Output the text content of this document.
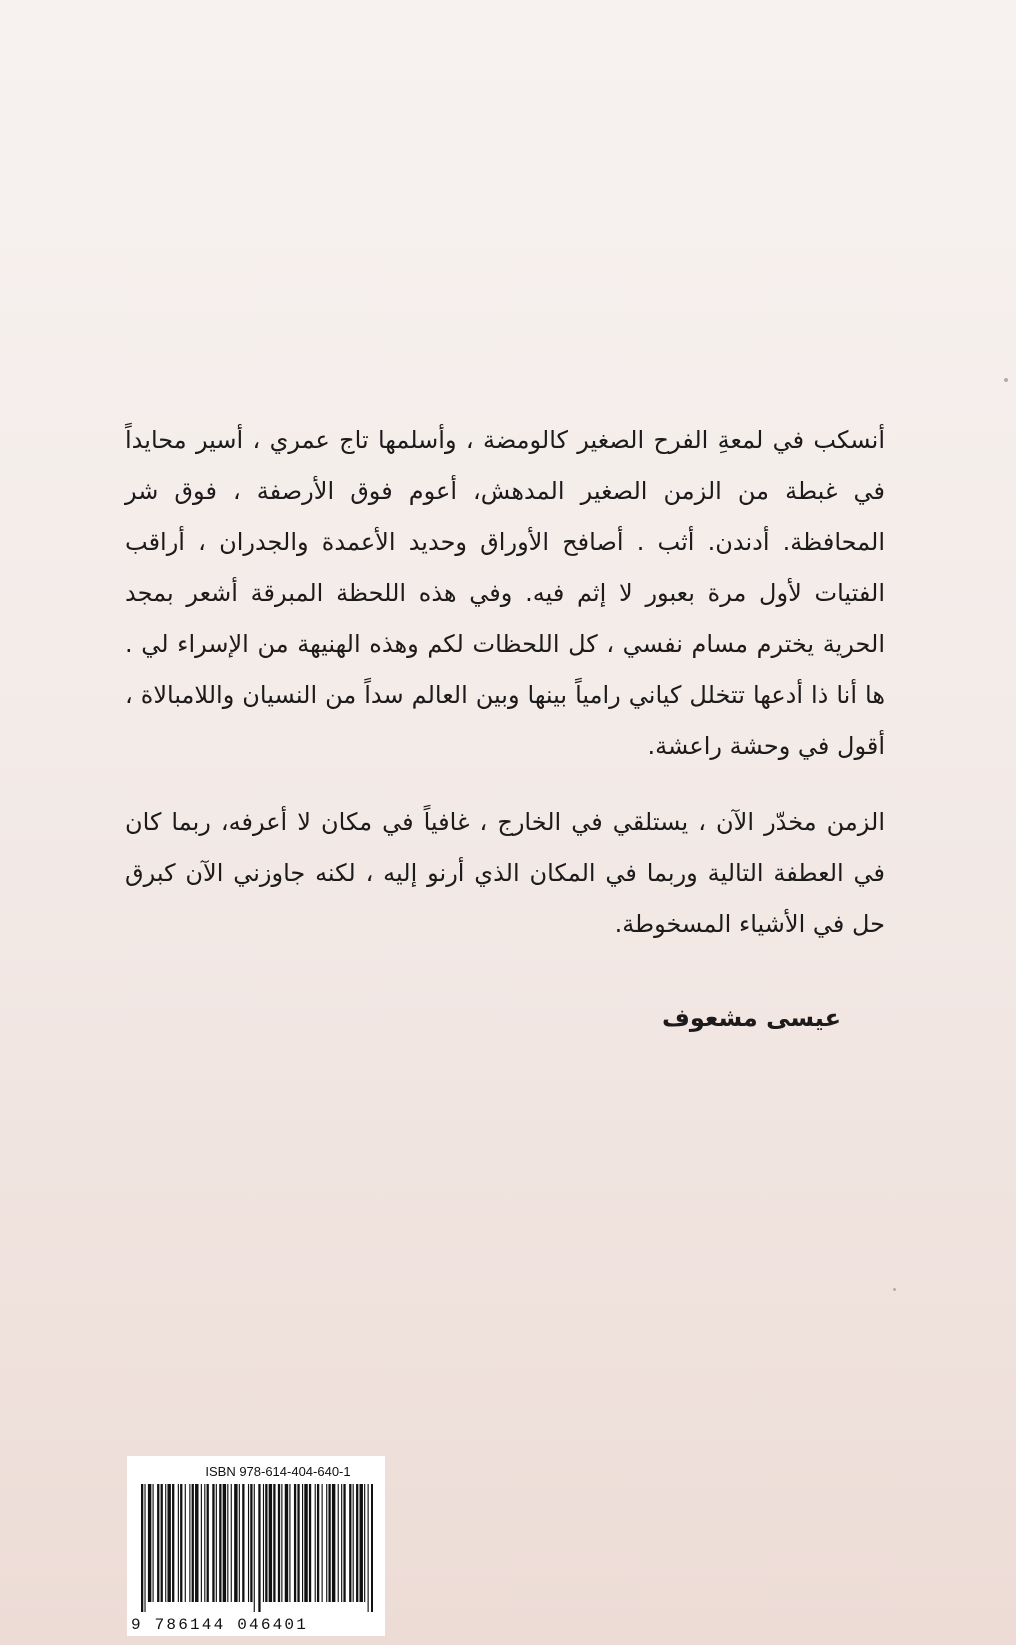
أنسكب في لمعةِ الفرح الصغير كالومضة ، وأسلمها تاج عمري ، أسير محايداً في غبطة من الزمن الصغير المدهش، أعوم فوق الأرصفة ، فوق شر المحافظة. أدندن. أثب . أصافح الأوراق وحديد الأعمدة والجدران ، أراقب الفتيات لأول مرة بعبور لا إثم فيه. وفي هذه اللحظة المبرقة أشعر بمجد الحرية يخترم مسام نفسي ، كل اللحظات لكم وهذه الهنيهة من الإسراء لي . ها أنا ذا أدعها تتخلل كياني رامياً بينها وبين العالم سداً من النسيان واللامبالاة ، أقول في وحشة راعشة.

الزمن مخدّر الآن ، يستلقي في الخارج ، غافياً في مكان لا أعرفه، ربما كان في العطفة التالية وربما في المكان الذي أرنو إليه ، لكنه جاوزني الآن كبرق حل في الأشياء المسخوطة.

عيسى مشعوف
ISBN 978-614-404-640-1
9 786144 046401
